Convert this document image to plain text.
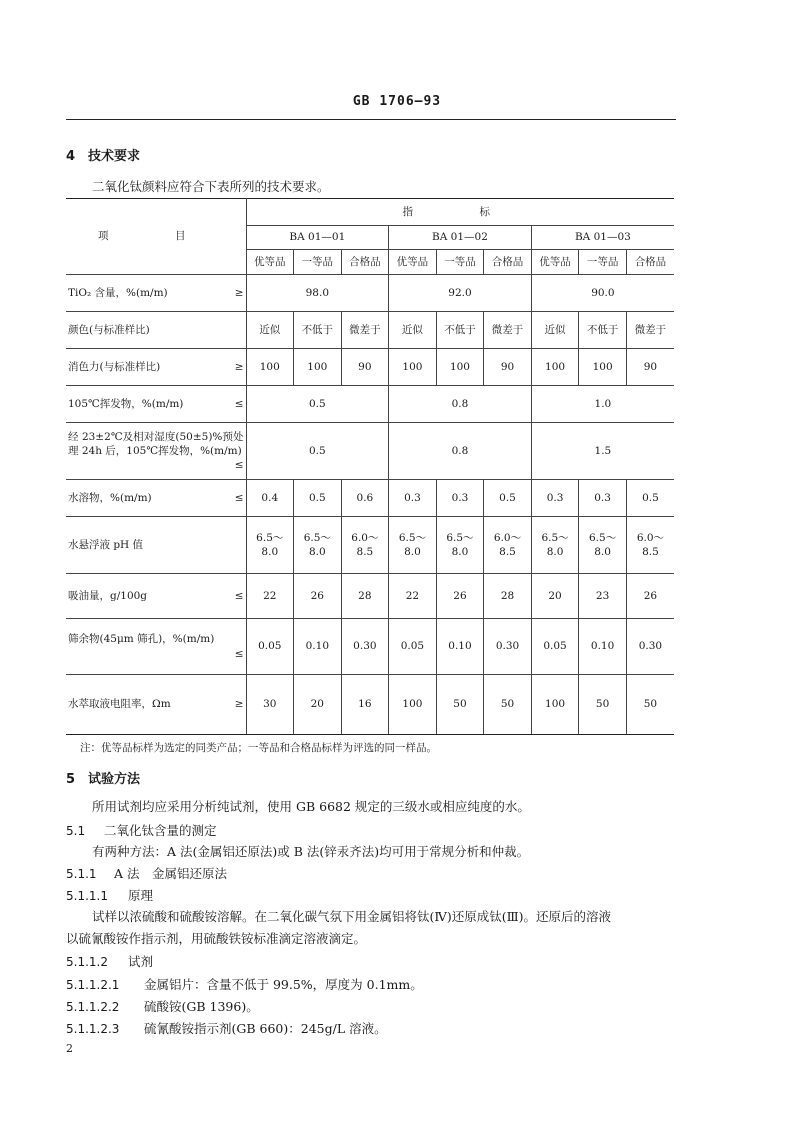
GB 1706—93
4 技术要求
二氧化钛颜料应符合下表所列的技术要求。
项　目	指　标								
	BA 01—01			BA 01—02			BA 01—03		
	优等品	一等品	合格品	优等品	一等品	合格品	优等品	一等品	合格品

TiO₂ 含量，%(m/m) ≥	98.0			92.0			90.0		

颜色(与标准样比)	近似	不低于	微差于	近似	不低于	微差于	近似	不低于	微差于

消色力(与标准样比) ≥	100	100	90	100	100	90	100	100	90

105℃挥发物，%(m/m) ≤	0.5			0.8			1.0		

经 23±2℃及相对湿度(50±5)%预处理 24h 后，105℃挥发物，%(m/m)
≤	0.5			0.8			1.5		

水溶物，%(m/m) ≤	0.4	0.5	0.6	0.3	0.3	0.5	0.3	0.3	0.5

水悬浮液 pH 值	6.5～8.0	6.5～8.0	6.0～8.5	6.5～8.0	6.5～8.0	6.0～8.5	6.5～8.0	6.5～8.0	6.0～8.5

吸油量，g/100g ≤	22	26	28	22	26	28	20	23	26

筛余物(45μm 筛孔)，%(m/m)
≤	0.05	0.10	0.30	0.05	0.10	0.30	0.05	0.10	0.30

水萃取液电阻率，Ωm ≥	30	20	16	100	50	50	100	50	50
注：优等品标样为选定的同类产品；一等品和合格品标样为评选的同一样品。
5 试验方法
所用试剂均应采用分析纯试剂，使用 GB 6682 规定的三级水或相应纯度的水。
5.1 二氧化钛含量的测定
有两种方法：A 法(金属铝还原法)或 B 法(锌汞齐法)均可用于常规分析和仲裁。
5.1.1 A 法　金属铝还原法
5.1.1.1 原理
试样以浓硫酸和硫酸铵溶解。在二氧化碳气氛下用金属铝将钛(Ⅳ)还原成钛(Ⅲ)。还原后的溶液
以硫氰酸铵作指示剂，用硫酸铁铵标准滴定溶液滴定。
5.1.1.2 试剂
5.1.1.2.1 金属铝片：含量不低于 99.5%，厚度为 0.1mm。
5.1.1.2.2 硫酸铵(GB 1396)。
5.1.1.2.3 硫氰酸铵指示剂(GB 660)：245g/L 溶液。
2
